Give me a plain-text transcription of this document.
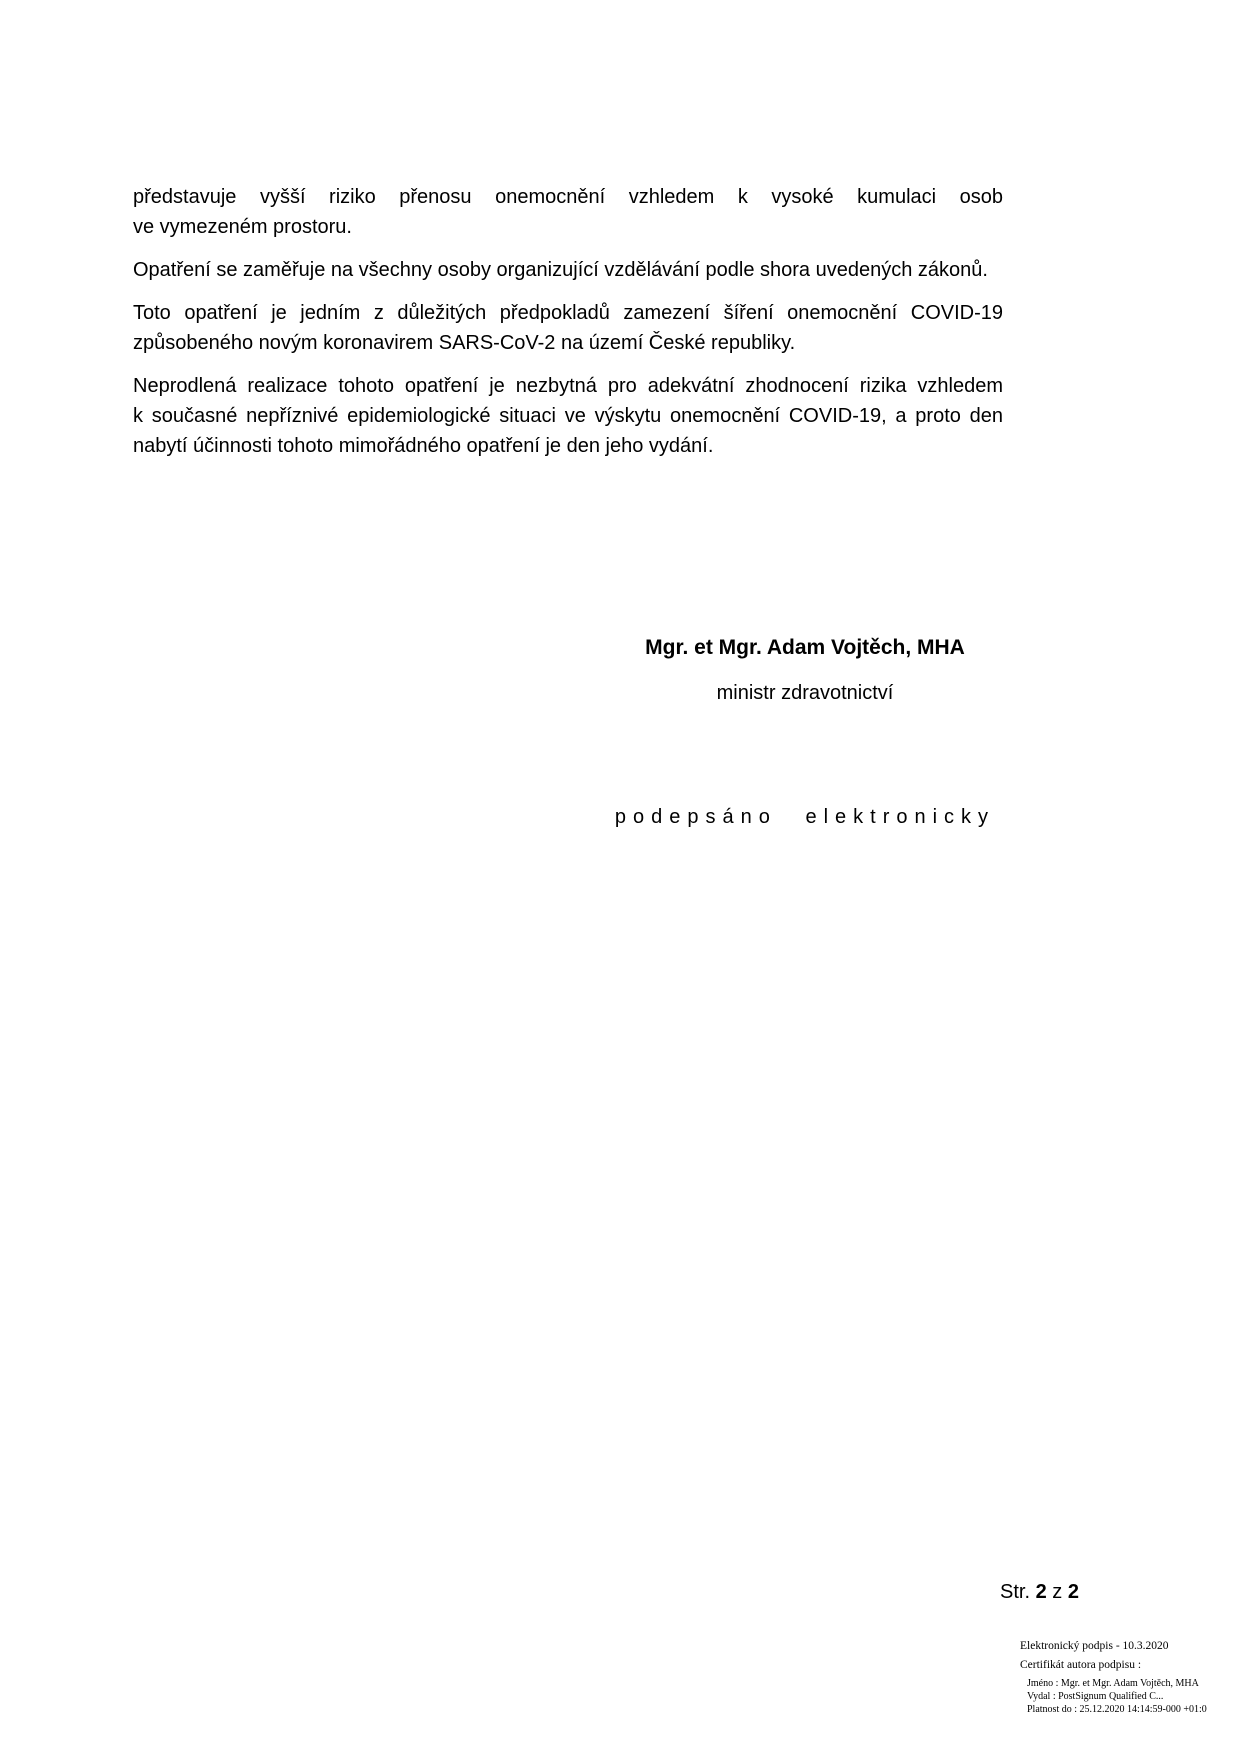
představuje vyšší riziko přenosu onemocnění vzhledem k vysoké kumulaci osob
ve vymezeném prostoru.
Opatření se zaměřuje na všechny osoby organizující vzdělávání podle shora uvedených zákonů.
Toto opatření je jedním z důležitých předpokladů zamezení šíření onemocnění COVID-19
způsobeného novým koronavirem SARS-CoV-2 na území České republiky.
Neprodlená realizace tohoto opatření je nezbytná pro adekvátní zhodnocení rizika vzhledem
k současné nepříznivé epidemiologické situaci ve výskytu onemocnění COVID-19, a proto den
nabytí účinnosti tohoto mimořádného opatření je den jeho vydání.
Mgr. et Mgr. Adam Vojtěch, MHA
ministr zdravotnictví
podepsáno elektronicky
Str. 2 z 2
Elektronický podpis - 10.3.2020
Certifikát autora podpisu :
Jméno : Mgr. et Mgr. Adam Vojtěch, MHA
Vydal : PostSignum Qualified C...
Platnost do : 25.12.2020 14:14:59-000 +01:0
